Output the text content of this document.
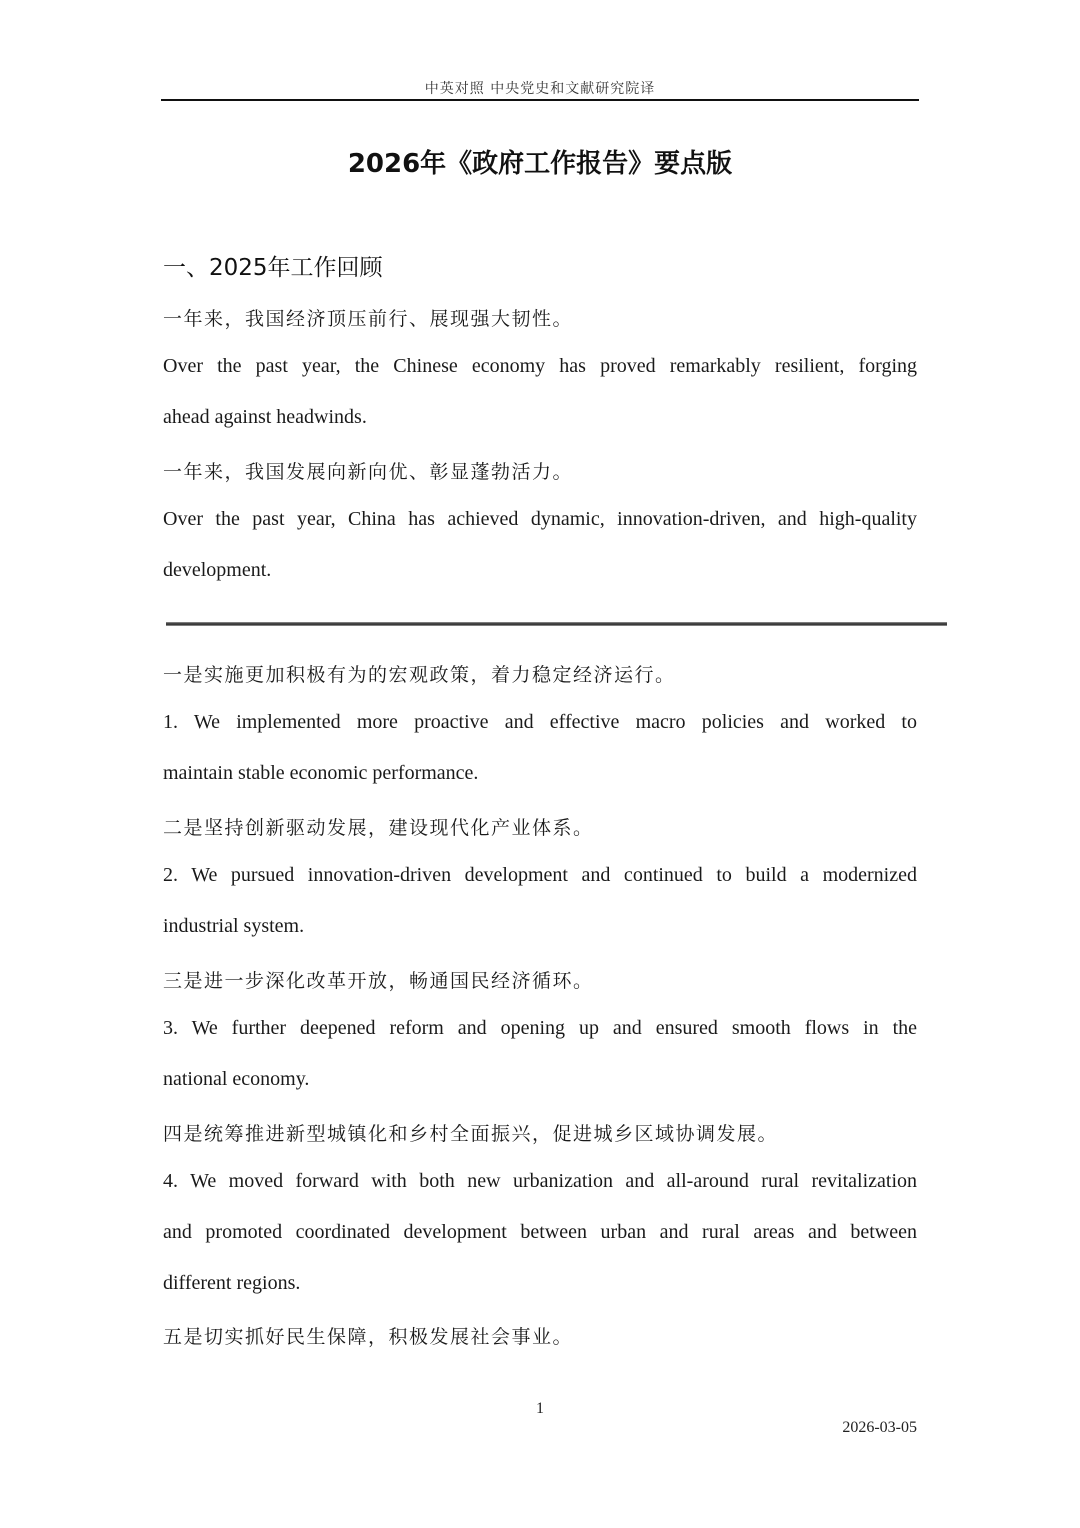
中英对照 中央党史和文献研究院译
2026年《政府工作报告》要点版
一、2025年工作回顾
一年来，我国经济顶压前行、展现强大韧性。
Over the past year, the Chinese economy has proved remarkably resilient, forging
ahead against headwinds.
一年来，我国发展向新向优、彰显蓬勃活力。
Over the past year, China has achieved dynamic, innovation-driven, and high-quality
development.
一是实施更加积极有为的宏观政策，着力稳定经济运行。
1. We implemented more proactive and effective macro policies and worked to
maintain stable economic performance.
二是坚持创新驱动发展，建设现代化产业体系。
2. We pursued innovation-driven development and continued to build a modernized
industrial system.
三是进一步深化改革开放，畅通国民经济循环。
3. We further deepened reform and opening up and ensured smooth flows in the
national economy.
四是统筹推进新型城镇化和乡村全面振兴，促进城乡区域协调发展。
4. We moved forward with both new urbanization and all-around rural revitalization
and promoted coordinated development between urban and rural areas and between
different regions.
五是切实抓好民生保障，积极发展社会事业。
1
2026-03-05
